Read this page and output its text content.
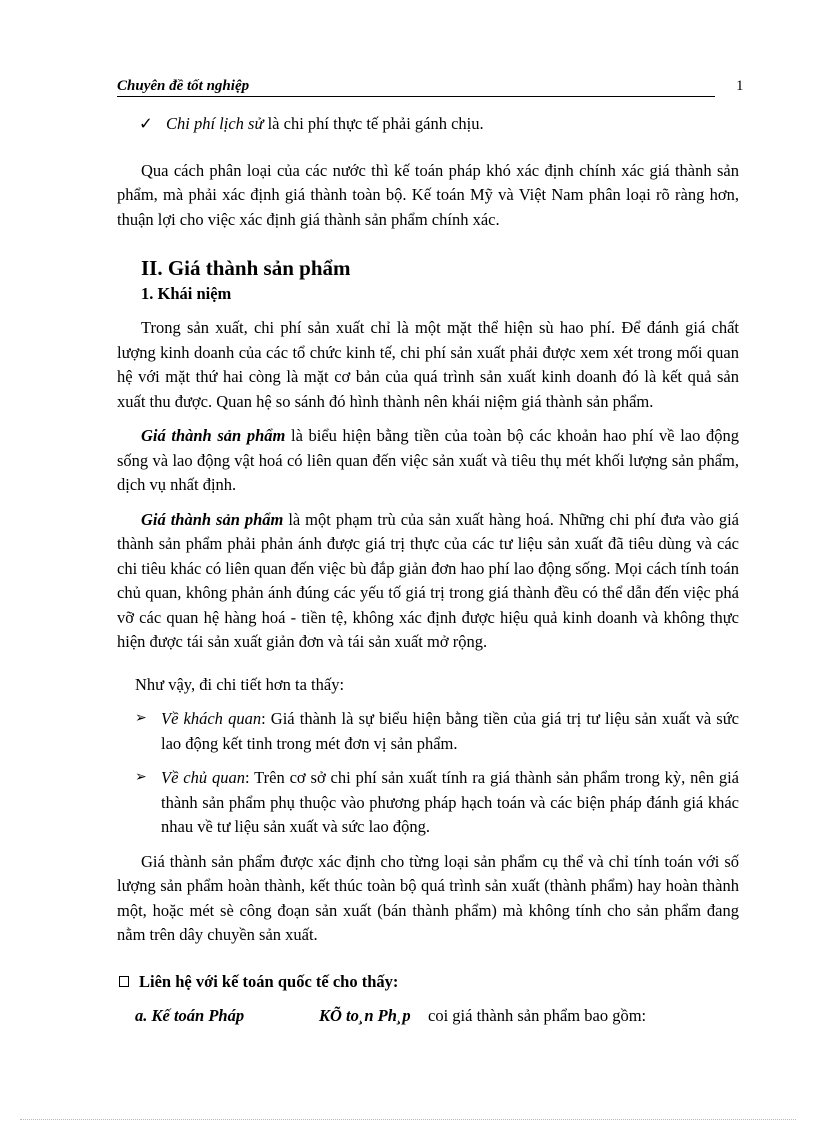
Chuyên đề tốt nghiệp	1

✓ Chi phí lịch sử là chi phí thực tế phải gánh chịu.

Qua cách phân loại của các nước thì kế toán pháp khó xác định chính xác giá thành sản phẩm, mà phải xác định giá thành toàn bộ. Kế toán Mỹ và Việt Nam phân loại rõ ràng hơn, thuận lợi cho việc xác định giá thành sản phẩm chính xác.

II. Giá thành sản phẩm
1. Khái niệm

Trong sản xuất, chi phí sản xuất chỉ là một mặt thể hiện sù hao phí. Để đánh giá chất lượng kinh doanh của các tổ chức kinh tế, chi phí sản xuất phải được xem xét trong mối quan hệ với mặt thứ hai còng là mặt cơ bản của quá trình sản xuất kinh doanh đó là kết quả sản xuất thu được. Quan hệ so sánh đó hình thành nên khái niệm giá thành sản phẩm.

Giá thành sản phẩm là biểu hiện bằng tiền của toàn bộ các khoản hao phí về lao động sống và lao động vật hoá có liên quan đến việc sản xuất và tiêu thụ mét khối lượng sản phẩm, dịch vụ nhất định.

Giá thành sản phẩm là một phạm trù của sản xuất hàng hoá. Những chi phí đưa vào giá thành sản phẩm phải phản ánh được giá trị thực của các tư liệu sản xuất đã tiêu dùng và các chi tiêu khác có liên quan đến việc bù đắp giản đơn hao phí lao động sống. Mọi cách tính toán chủ quan, không phản ánh đúng các yếu tố giá trị trong giá thành đều có thể dẫn đến việc phá vỡ các quan hệ hàng hoá - tiền tệ, không xác định được hiệu quả kinh doanh và không thực hiện được tái sản xuất giản đơn và tái sản xuất mở rộng.

Như vậy, đi chi tiết hơn ta thấy:

➢ Về khách quan: Giá thành là sự biểu hiện bằng tiền của giá trị tư liệu sản xuất và sức lao động kết tinh trong mét đơn vị sản phẩm.

➢ Về chủ quan: Trên cơ sở chi phí sản xuất tính ra giá thành sản phẩm trong kỳ, nên giá thành sản phẩm phụ thuộc vào phương pháp hạch toán và các biện pháp đánh giá khác nhau về tư liệu sản xuất và sức lao động.

Giá thành sản phẩm được xác định cho từng loại sản phẩm cụ thể và chỉ tính toán với số lượng sản phẩm hoàn thành, kết thúc toàn bộ quá trình sản xuất (thành phẩm) hay hoàn thành một, hoặc mét sè công đoạn sản xuất (bán thành phẩm) mà không tính cho sản phẩm đang nằm trên dây chuyền sản xuất.

Liên hệ với kế toán quốc tế cho thấy:

a. Kế toán Pháp	KÕ to¸n Ph¸p coi giá thành sản phẩm bao gồm:
